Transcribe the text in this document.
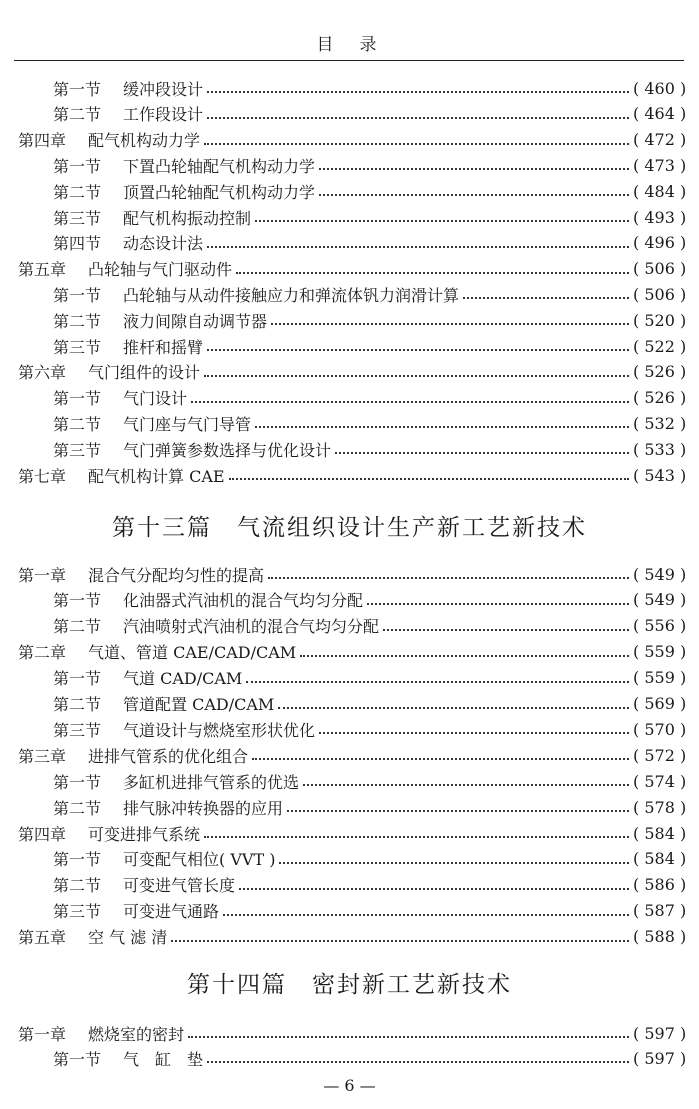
目录
第一节	缓冲段设计	( 460 )
第二节	工作段设计	( 464 )
第四章	配气机构动力学	( 472 )
第一节	下置凸轮轴配气机构动力学	( 473 )
第二节	顶置凸轮轴配气机构动力学	( 484 )
第三节	配气机构振动控制	( 493 )
第四节	动态设计法	( 496 )
第五章	凸轮轴与气门驱动件	( 506 )
第一节	凸轮轴与从动件接触应力和弹流体钒力润滑计算	( 506 )
第二节	液力间隙自动调节器	( 520 )
第三节	推杆和摇臂	( 522 )
第六章	气门组件的设计	( 526 )
第一节	气门设计	( 526 )
第二节	气门座与气门导管	( 532 )
第三节	气门弹簧参数选择与优化设计	( 533 )
第七章	配气机构计算 CAE	( 543 )
第十三篇　气流组织设计生产新工艺新技术
第一章	混合气分配均匀性的提高	( 549 )
第一节	化油器式汽油机的混合气均匀分配	( 549 )
第二节	汽油喷射式汽油机的混合气均匀分配	( 556 )
第二章	气道、管道 CAE/CAD/CAM	( 559 )
第一节	气道 CAD/CAM	( 559 )
第二节	管道配置 CAD/CAM	( 569 )
第三节	气道设计与燃烧室形状优化	( 570 )
第三章	进排气管系的优化组合	( 572 )
第一节	多缸机进排气管系的优选	( 574 )
第二节	排气脉冲转换器的应用	( 578 )
第四章	可变进排气系统	( 584 )
第一节	可变配气相位( VVT )	( 584 )
第二节	可变进气管长度	( 586 )
第三节	可变进气通路	( 587 )
第五章	空 气 滤 清	( 588 )
第十四篇　密封新工艺新技术
第一章	燃烧室的密封	( 597 )
第一节	气　缸　垫	( 597 )
— 6 —
